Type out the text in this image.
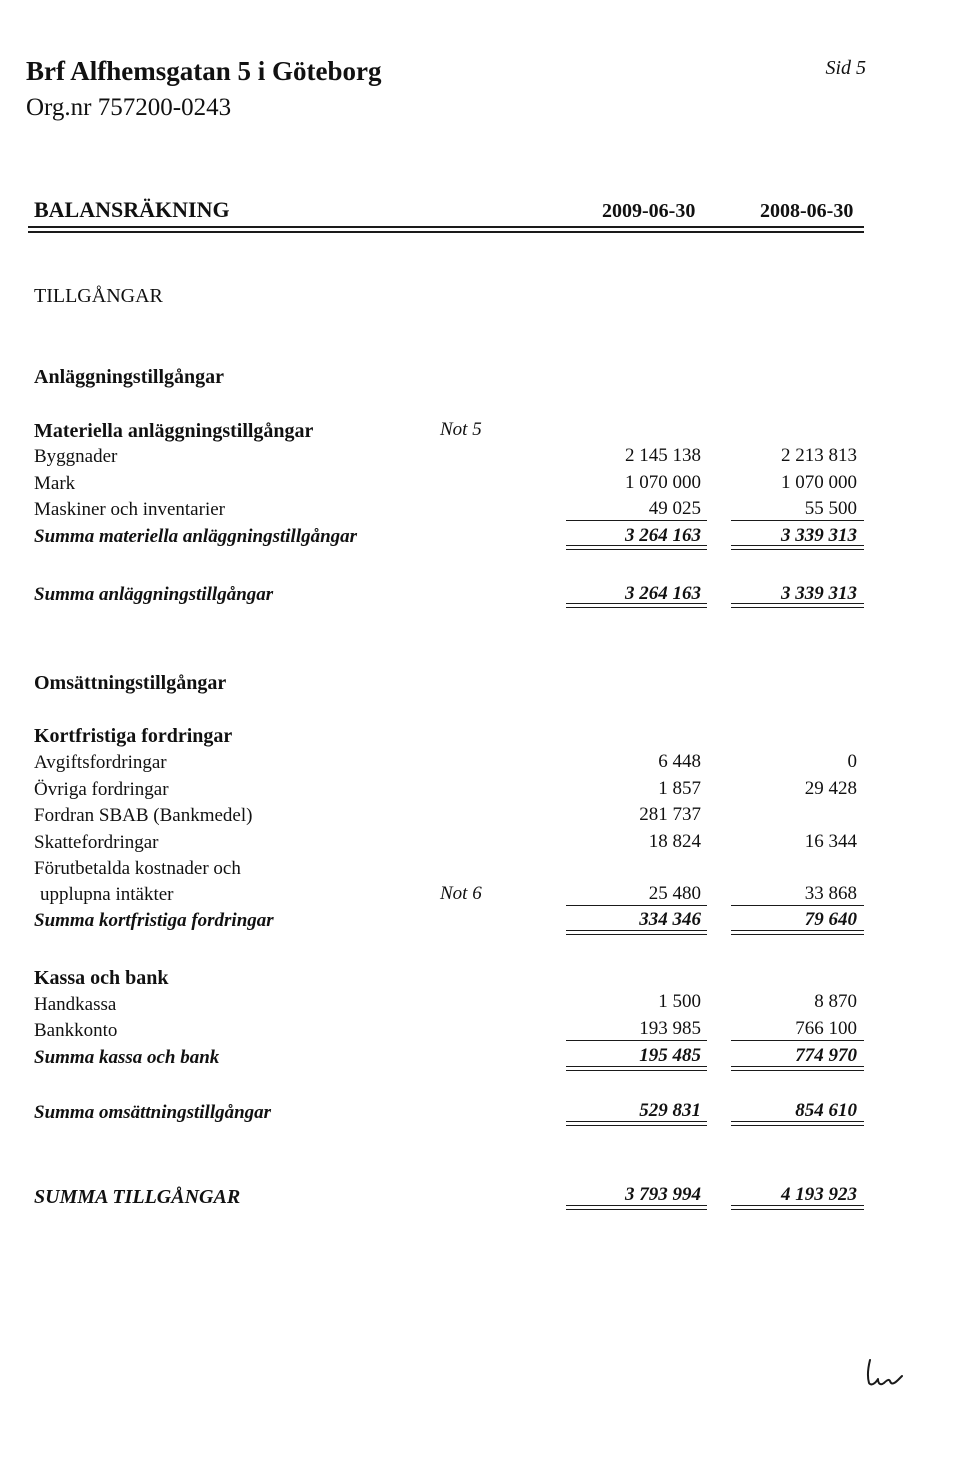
Brf Alfhemsgatan 5 i Göteborg
Org.nr 757200-0243
Sid 5
BALANSRÄKNING	2009-06-30	2008-06-30
TILLGÅNGAR
Anläggningstillgångar
Materiella anläggningstillgångar	Not 5
Byggnader	2 145 138	2 213 813
Mark	1 070 000	1 070 000
Maskiner och inventarier	49 025	55 500
Summa materiella anläggningstillgångar	3 264 163	3 339 313
Summa anläggningstillgångar	3 264 163	3 339 313
Omsättningstillgångar
Kortfristiga fordringar
Avgiftsfordringar	6 448	0
Övriga fordringar	1 857	29 428
Fordran SBAB (Bankmedel)	281 737
Skattefordringar	18 824	16 344
Förutbetalda kostnader och
upplupna intäkter	Not 6	25 480	33 868
Summa kortfristiga fordringar	334 346	79 640
Kassa och bank
Handkassa	1 500	8 870
Bankkonto	193 985	766 100
Summa kassa och bank	195 485	774 970
Summa omsättningstillgångar	529 831	854 610
SUMMA TILLGÅNGAR	3 793 994	4 193 923
